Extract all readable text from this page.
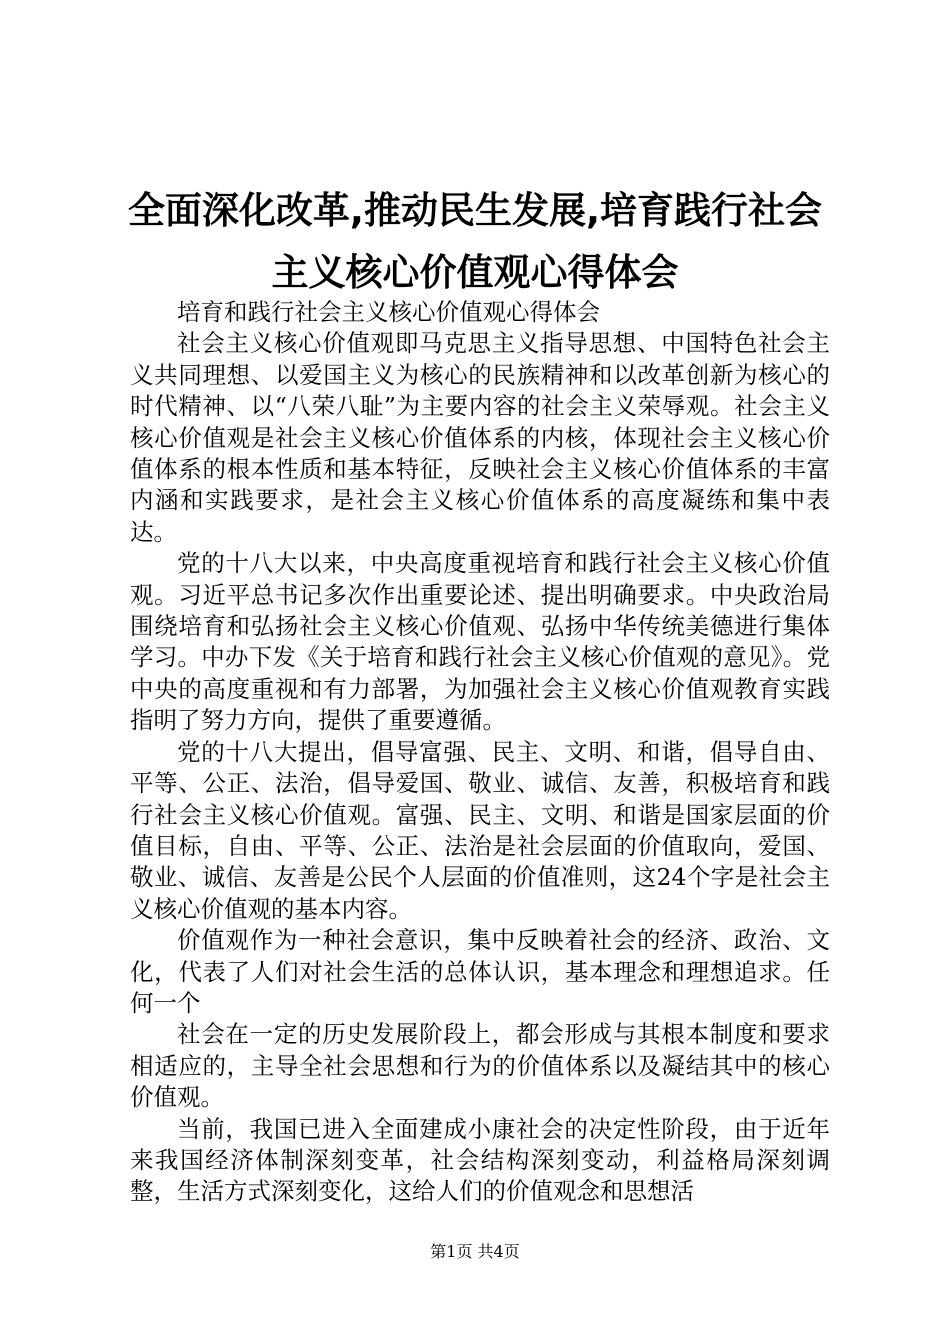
全面深化改革,推动民生发展,培育践行社会主义核心价值观心得体会

培育和践行社会主义核心价值观心得体会

社会主义核心价值观即马克思主义指导思想、中国特色社会主义共同理想、以爱国主义为核心的民族精神和以改革创新为核心的时代精神、以“八荣八耻”为主要内容的社会主义荣辱观。社会主义核心价值观是社会主义核心价值体系的内核，体现社会主义核心价值体系的根本性质和基本特征，反映社会主义核心价值体系的丰富内涵和实践要求，是社会主义核心价值体系的高度凝练和集中表达。

党的十八大以来，中央高度重视培育和践行社会主义核心价值观。习近平总书记多次作出重要论述、提出明确要求。中央政治局围绕培育和弘扬社会主义核心价值观、弘扬中华传统美德进行集体学习。中办下发《关于培育和践行社会主义核心价值观的意见》。党中央的高度重视和有力部署，为加强社会主义核心价值观教育实践指明了努力方向，提供了重要遵循。

党的十八大提出，倡导富强、民主、文明、和谐，倡导自由、平等、公正、法治，倡导爱国、敬业、诚信、友善，积极培育和践行社会主义核心价值观。富强、民主、文明、和谐是国家层面的价值目标，自由、平等、公正、法治是社会层面的价值取向，爱国、敬业、诚信、友善是公民个人层面的价值准则，这24个字是社会主义核心价值观的基本内容。

价值观作为一种社会意识，集中反映着社会的经济、政治、文化，代表了人们对社会生活的总体认识，基本理念和理想追求。任何一个

社会在一定的历史发展阶段上，都会形成与其根本制度和要求相适应的，主导全社会思想和行为的价值体系以及凝结其中的核心价值观。

当前，我国已进入全面建成小康社会的决定性阶段，由于近年来我国经济体制深刻变革，社会结构深刻变动，利益格局深刻调整，生活方式深刻变化，这给人们的价值观念和思想活

第1页 共4页
